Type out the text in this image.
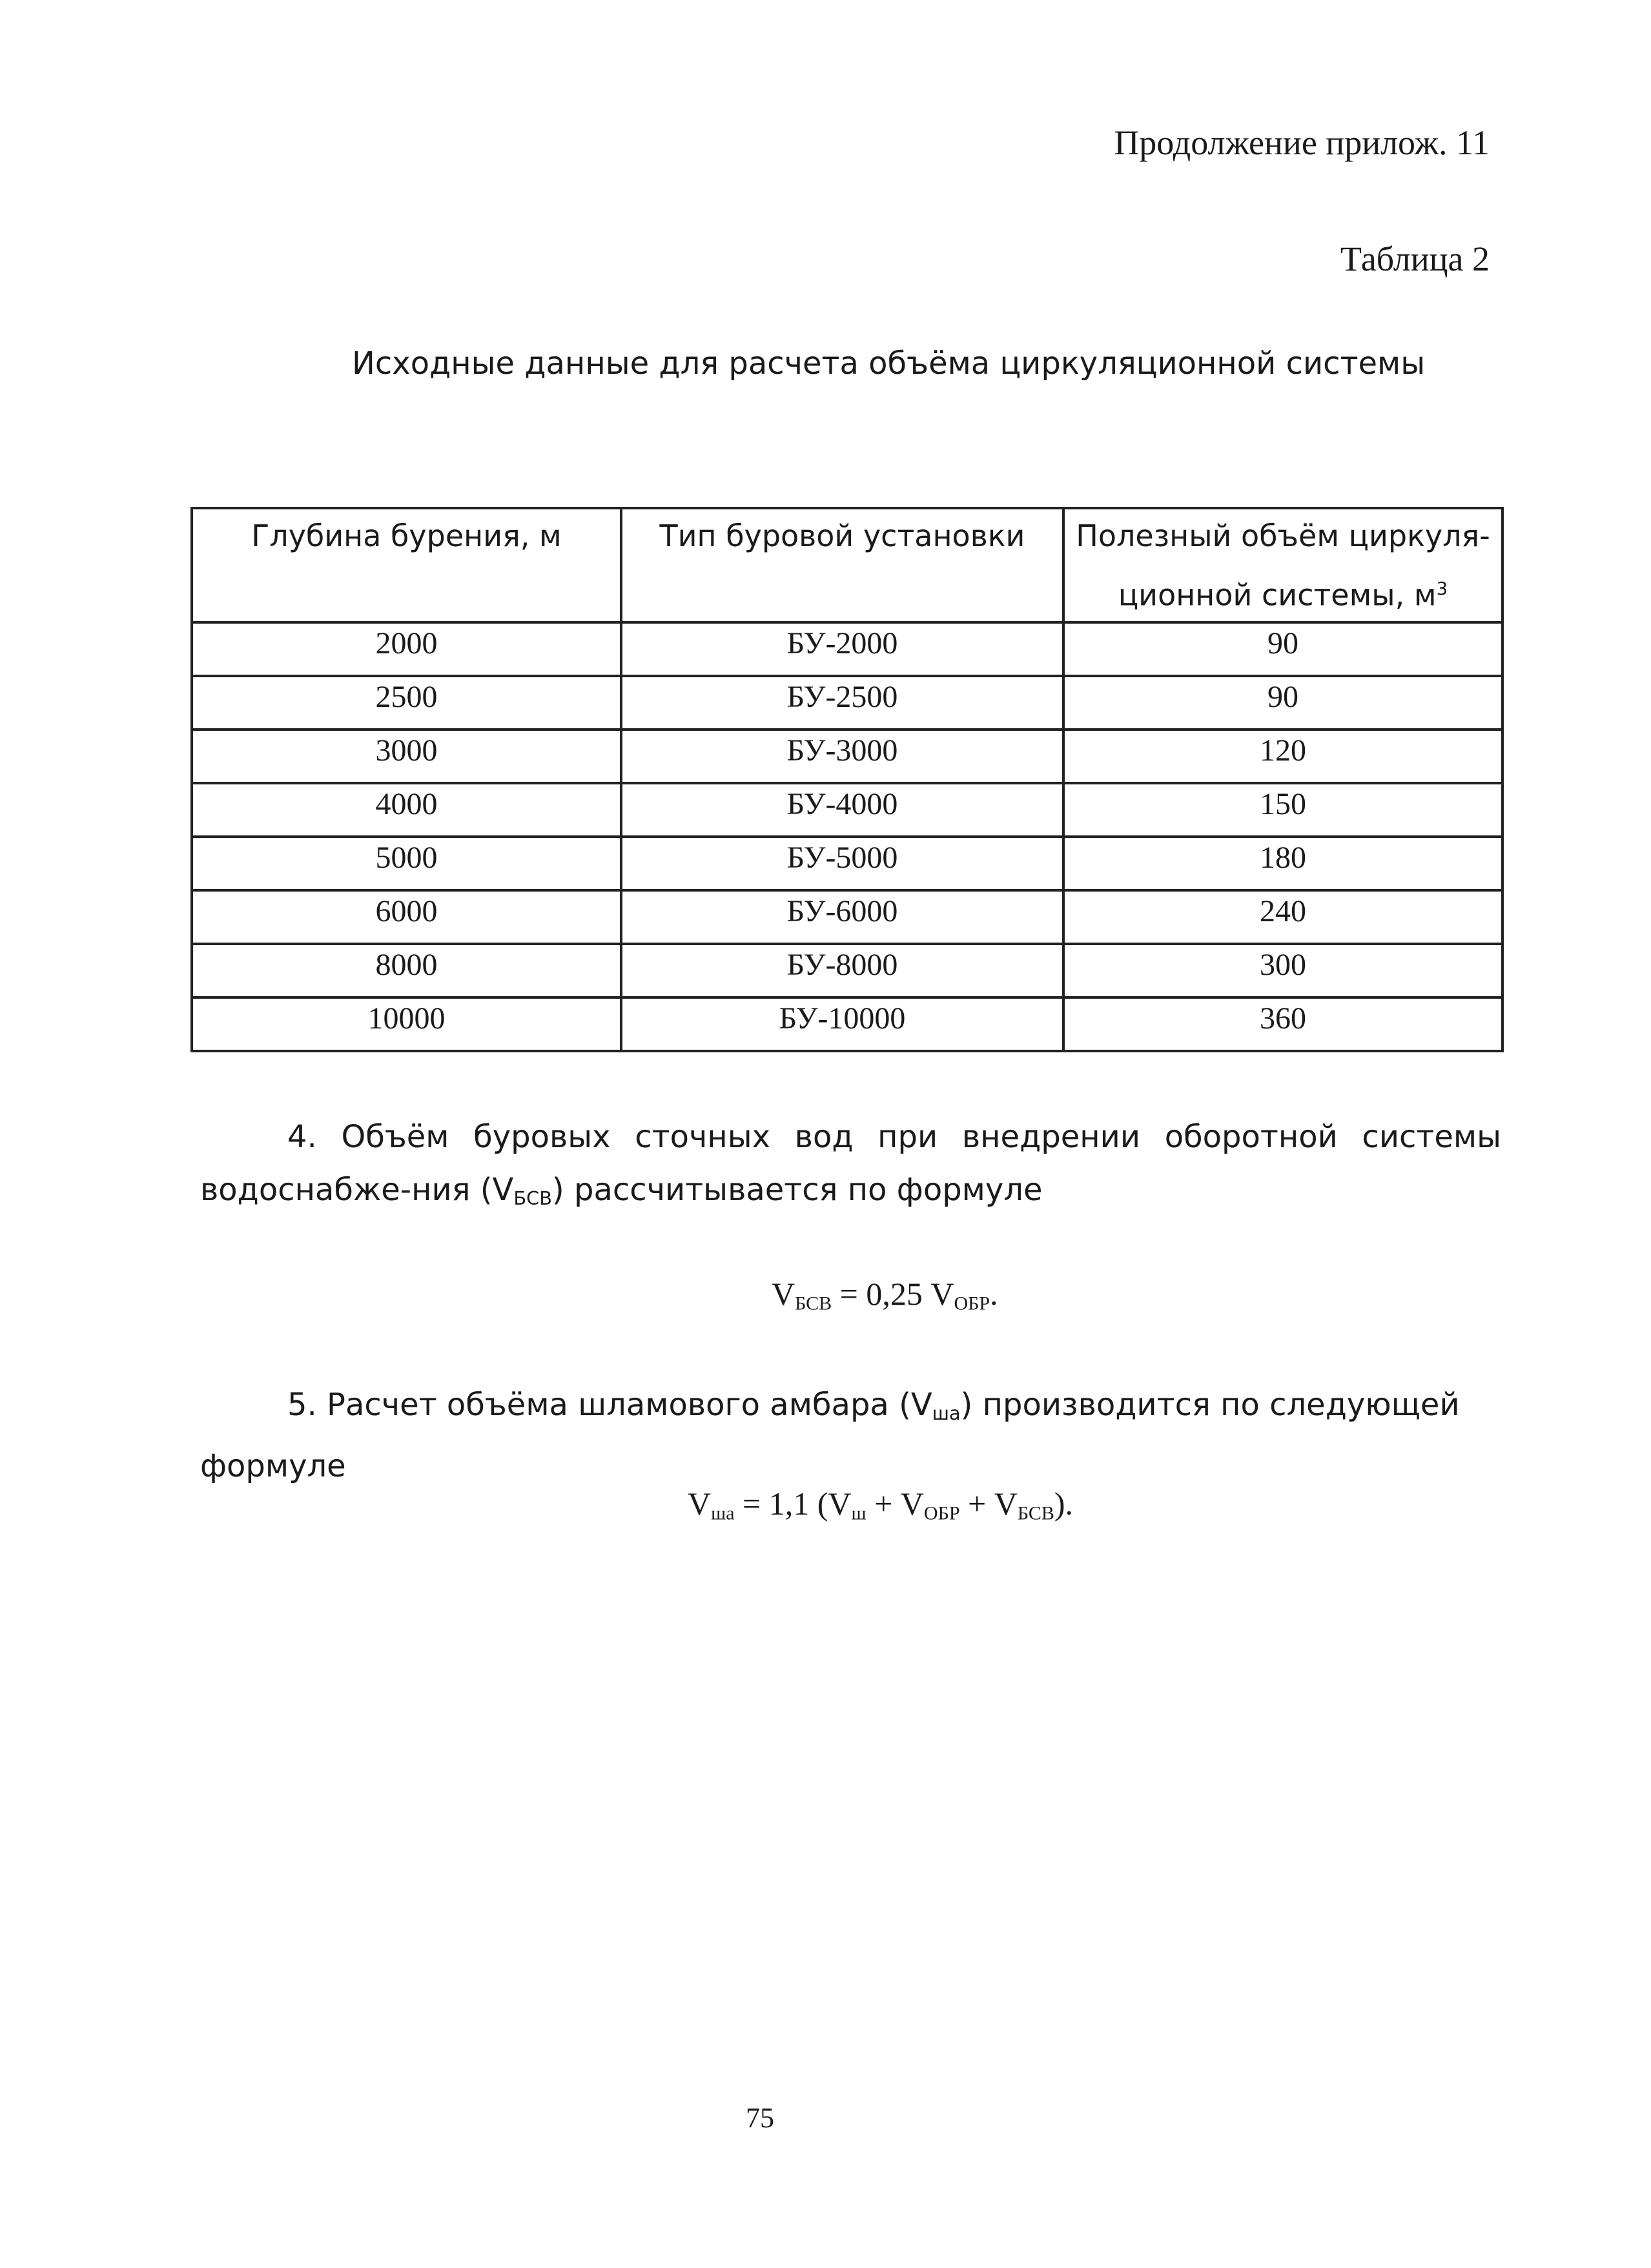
Продолжение прилож. 11
Таблица 2
Исходные данные для расчета объёма циркуляционной системы
Глубина бурения, м	Тип буровой установки	Полезный объём циркуля-
ционной системы, $м^3$
2000	БУ-2000	90
2500	БУ-2500	90
3000	БУ-3000	120
4000	БУ-4000	150
5000	БУ-5000	180
6000	БУ-6000	240
8000	БУ-8000	300
10000	БУ-10000	360
4. Объём буровых сточных вод при внедрении оборотной системы водоснабже-ния $(V_{БСВ})$ рассчитывается по формуле
$V_{БСВ} = 0,25$ $V_{ОБР}$.
5. Расчет объёма шламового амбара $(V_{ша})$ производится по следующей формуле
$V_{ша} = 1,1$ $(V_ш + V_{ОБР} + V_{БСВ})$.
75
